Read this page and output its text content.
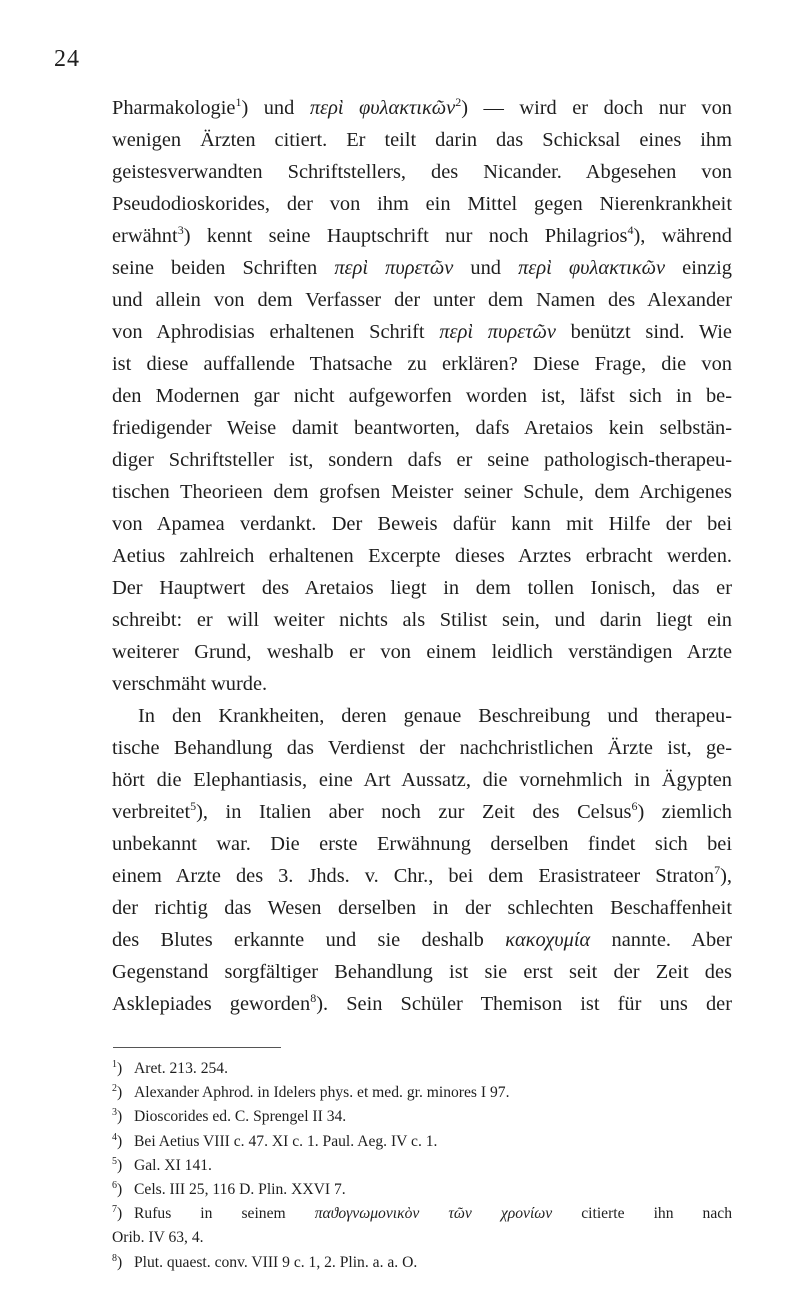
24
Pharmakologie$^1$) und περὶ φυλακτικῶν$^2$) — wird er doch nur von
wenigen Ärzten citiert. Er teilt darin das Schicksal eines ihm
geistesverwandten Schriftstellers, des Nicander. Abgesehen von
Pseudodioskorides, der von ihm ein Mittel gegen Nierenkrankheit
erwähnt$^3$) kennt seine Hauptschrift nur noch Philagrios$^4$), während
seine beiden Schriften περὶ πυρετῶν und περὶ φυλακτικῶν einzig
und allein von dem Verfasser der unter dem Namen des Alexander
von Aphrodisias erhaltenen Schrift περὶ πυρετῶν benützt sind. Wie
ist diese auffallende Thatsache zu erklären? Diese Frage, die von
den Modernen gar nicht aufgeworfen worden ist, läfst sich in be-
friedigender Weise damit beantworten, dafs Aretaios kein selbstän-
diger Schriftsteller ist, sondern dafs er seine pathologisch-therapeu-
tischen Theorieen dem grofsen Meister seiner Schule, dem Archigenes
von Apamea verdankt. Der Beweis dafür kann mit Hilfe der bei
Aetius zahlreich erhaltenen Excerpte dieses Arztes erbracht werden.
Der Hauptwert des Aretaios liegt in dem tollen Ionisch, das er
schreibt: er will weiter nichts als Stilist sein, und darin liegt ein
weiterer Grund, weshalb er von einem leidlich verständigen Arzte
verschmäht wurde.
In den Krankheiten, deren genaue Beschreibung und therapeu-
tische Behandlung das Verdienst der nachchristlichen Ärzte ist, ge-
hört die Elephantiasis, eine Art Aussatz, die vornehmlich in Ägypten
verbreitet$^5$), in Italien aber noch zur Zeit des Celsus$^6$) ziemlich
unbekannt war. Die erste Erwähnung derselben findet sich bei
einem Arzte des 3. Jhds. v. Chr., bei dem Erasistrateer Straton$^7$),
der richtig das Wesen derselben in der schlechten Beschaffenheit
des Blutes erkannte und sie deshalb κακοχυμία nannte. Aber
Gegenstand sorgfältiger Behandlung ist sie erst seit der Zeit des
Asklepiades geworden$^8$). Sein Schüler Themison ist für uns der
$^1$) Aret. 213. 254.
$^2$) Alexander Aphrod. in Idelers phys. et med. gr. minores I 97.
$^3$) Dioscorides ed. C. Sprengel II 34.
$^4$) Bei Aetius VIII c. 47. XI c. 1. Paul. Aeg. IV c. 1.
$^5$) Gal. XI 141.
$^6$) Cels. III 25, 116 D. Plin. XXVI 7.
$^7$) Rufus in seinem παϑογνωμονικὸν τῶν χρονίων citierte ihn nach
Orib. IV 63, 4.
$^8$) Plut. quaest. conv. VIII 9 c. 1, 2. Plin. a. a. O.
